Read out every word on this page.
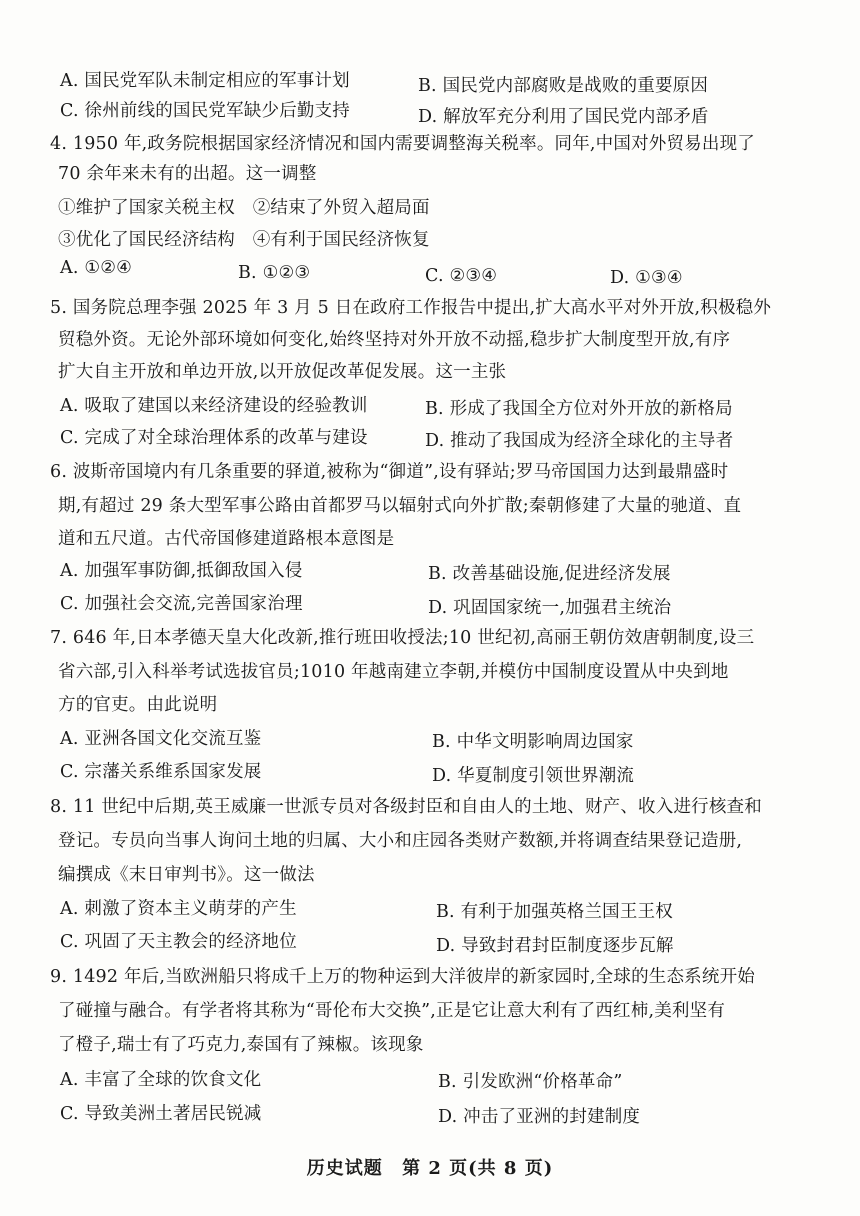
A. 国民党军队未制定相应的军事计划	B. 国民党内部腐败是战败的重要原因
C. 徐州前线的国民党军缺少后勤支持	D. 解放军充分利用了国民党内部矛盾
4. 1950 年,政务院根据国家经济情况和国内需要调整海关税率。同年,中国对外贸易出现了
70 余年来未有的出超。这一调整
①维护了国家关税主权　②结束了外贸入超局面
③优化了国民经济结构　④有利于国民经济恢复
A. ①②④	B. ①②③	C. ②③④	D. ①③④
5. 国务院总理李强 2025 年 3 月 5 日在政府工作报告中提出,扩大高水平对外开放,积极稳外
贸稳外资。无论外部环境如何变化,始终坚持对外开放不动摇,稳步扩大制度型开放,有序
扩大自主开放和单边开放,以开放促改革促发展。这一主张
A. 吸取了建国以来经济建设的经验教训	B. 形成了我国全方位对外开放的新格局
C. 完成了对全球治理体系的改革与建设	D. 推动了我国成为经济全球化的主导者
6. 波斯帝国境内有几条重要的驿道,被称为“御道”,设有驿站;罗马帝国国力达到最鼎盛时
期,有超过 29 条大型军事公路由首都罗马以辐射式向外扩散;秦朝修建了大量的驰道、直
道和五尺道。古代帝国修建道路根本意图是
A. 加强军事防御,抵御敌国入侵	B. 改善基础设施,促进经济发展
C. 加强社会交流,完善国家治理	D. 巩固国家统一,加强君主统治
7. 646 年,日本孝德天皇大化改新,推行班田收授法;10 世纪初,高丽王朝仿效唐朝制度,设三
省六部,引入科举考试选拔官员;1010 年越南建立李朝,并模仿中国制度设置从中央到地
方的官吏。由此说明
A. 亚洲各国文化交流互鉴	B. 中华文明影响周边国家
C. 宗藩关系维系国家发展	D. 华夏制度引领世界潮流
8. 11 世纪中后期,英王威廉一世派专员对各级封臣和自由人的土地、财产、收入进行核查和
登记。专员向当事人询问土地的归属、大小和庄园各类财产数额,并将调查结果登记造册,
编撰成《末日审判书》。这一做法
A. 刺激了资本主义萌芽的产生	B. 有利于加强英格兰国王王权
C. 巩固了天主教会的经济地位	D. 导致封君封臣制度逐步瓦解
9. 1492 年后,当欧洲船只将成千上万的物种运到大洋彼岸的新家园时,全球的生态系统开始
了碰撞与融合。有学者将其称为“哥伦布大交换”,正是它让意大利有了西红柿,美利坚有
了橙子,瑞士有了巧克力,泰国有了辣椒。该现象
A. 丰富了全球的饮食文化	B. 引发欧洲“价格革命”
C. 导致美洲土著居民锐减	D. 冲击了亚洲的封建制度
历史试题 第 2 页(共 8 页)
